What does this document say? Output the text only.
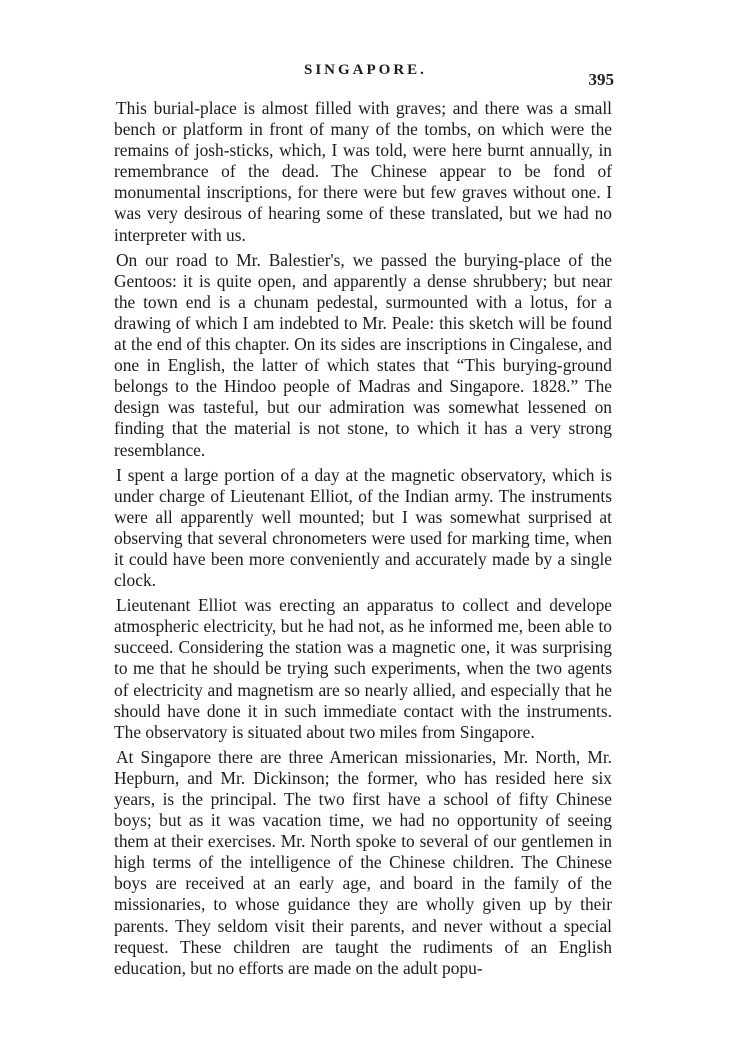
SINGAPORE.	395

This burial-place is almost filled with graves; and there was a small bench or platform in front of many of the tombs, on which were the remains of josh-sticks, which, I was told, were here burnt annually, in remembrance of the dead. The Chinese appear to be fond of monumental inscriptions, for there were but few graves without one. I was very desirous of hearing some of these translated, but we had no interpreter with us.

On our road to Mr. Balestier's, we passed the burying-place of the Gentoos: it is quite open, and apparently a dense shrubbery; but near the town end is a chunam pedestal, surmounted with a lotus, for a drawing of which I am indebted to Mr. Peale: this sketch will be found at the end of this chapter. On its sides are inscriptions in Cingalese, and one in English, the latter of which states that “This burying-ground belongs to the Hindoo people of Madras and Singapore. 1828.” The design was tasteful, but our admiration was somewhat lessened on finding that the material is not stone, to which it has a very strong resemblance.

I spent a large portion of a day at the magnetic observatory, which is under charge of Lieutenant Elliot, of the Indian army. The instruments were all apparently well mounted; but I was somewhat surprised at observing that several chronometers were used for marking time, when it could have been more conveniently and accurately made by a single clock.

Lieutenant Elliot was erecting an apparatus to collect and develope atmospheric electricity, but he had not, as he informed me, been able to succeed. Considering the station was a magnetic one, it was surprising to me that he should be trying such experiments, when the two agents of electricity and magnetism are so nearly allied, and especially that he should have done it in such immediate contact with the instruments. The observatory is situated about two miles from Singapore.

At Singapore there are three American missionaries, Mr. North, Mr. Hepburn, and Mr. Dickinson; the former, who has resided here six years, is the principal. The two first have a school of fifty Chinese boys; but as it was vacation time, we had no opportunity of seeing them at their exercises. Mr. North spoke to several of our gentlemen in high terms of the intelligence of the Chinese children. The Chinese boys are received at an early age, and board in the family of the missionaries, to whose guidance they are wholly given up by their parents. They seldom visit their parents, and never without a special request. These children are taught the rudiments of an English education, but no efforts are made on the adult popu-
